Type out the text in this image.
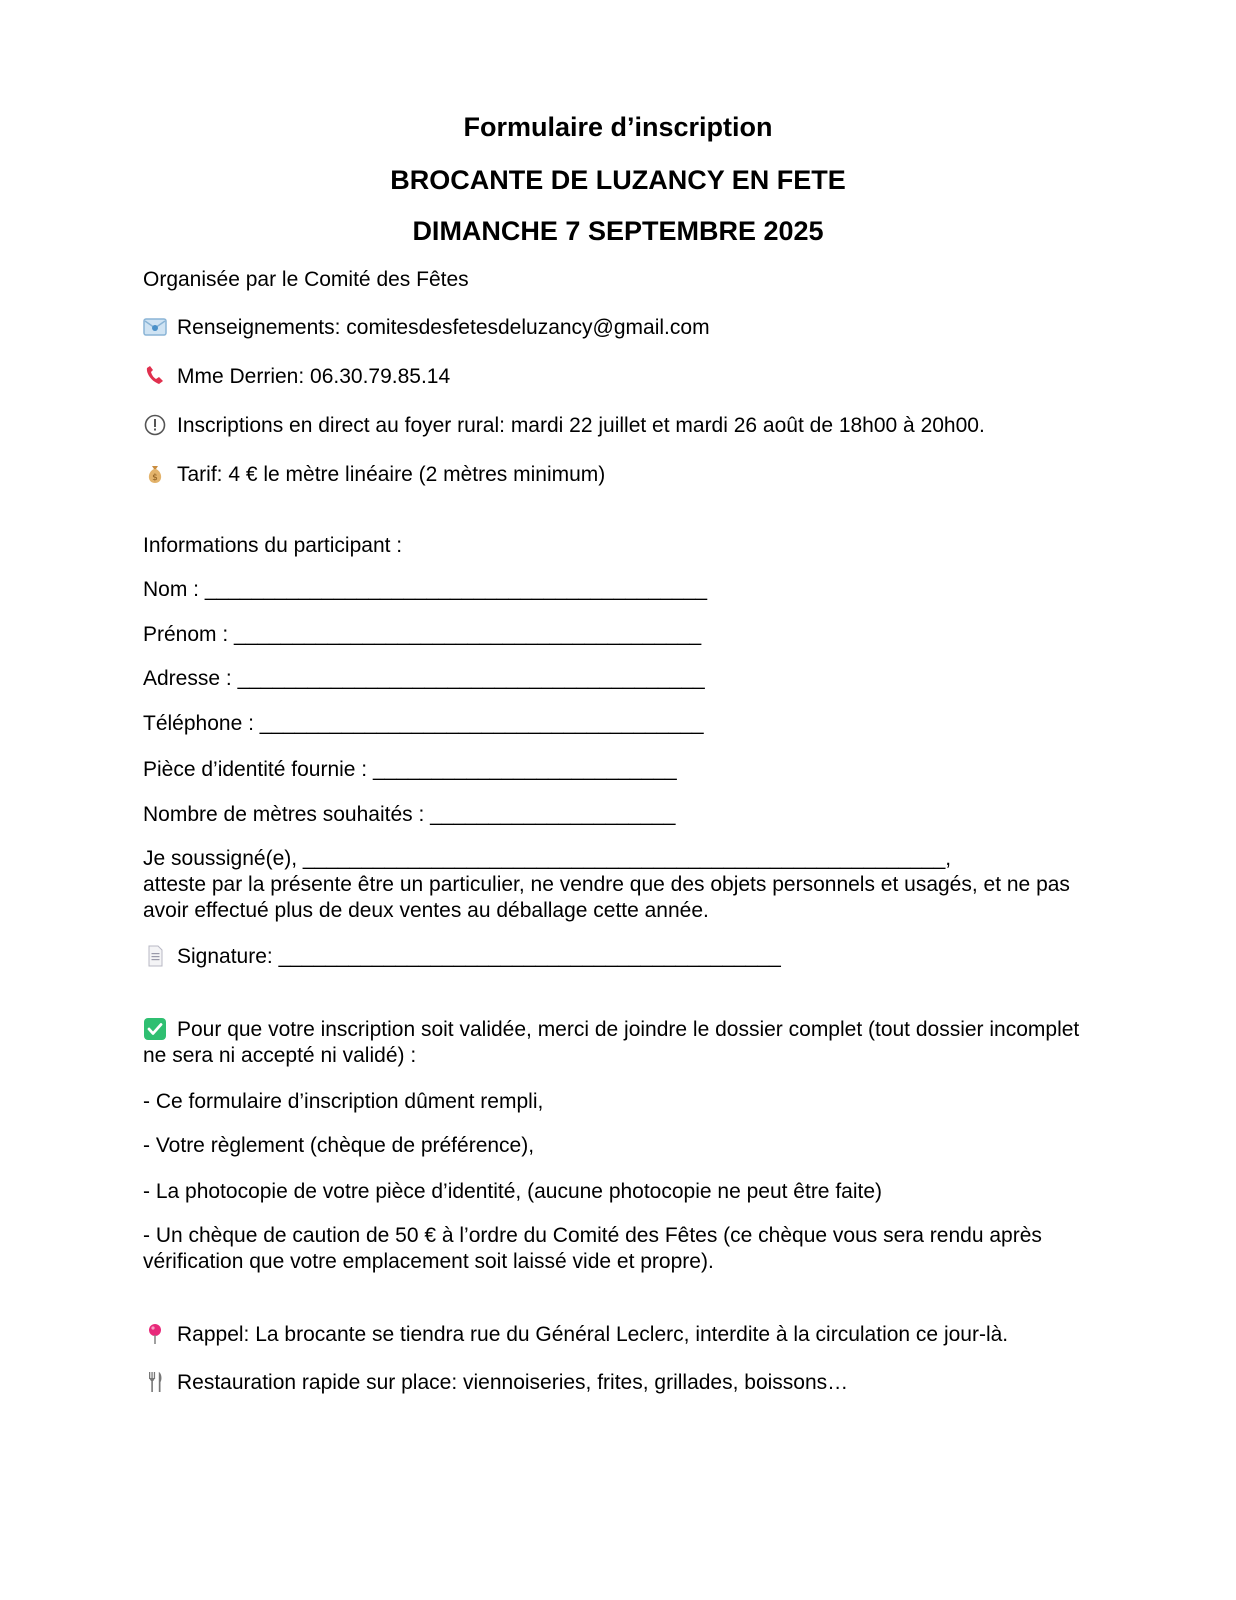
Formulaire d’inscription
BROCANTE DE LUZANCY EN FETE
DIMANCHE 7 SEPTEMBRE 2025
Organisée par le Comité des Fêtes
Renseignements: comitesdesfetesdeluzancy@gmail.com
Mme Derrien: 06.30.79.85.14
Inscriptions en direct au foyer rural: mardi 22 juillet et mardi 26 août de 18h00 à 20h00.
$ Tarif: 4 € le mètre linéaire (2 mètres minimum)
Informations du participant :
Nom : ___________________________________________
Prénom : ________________________________________
Adresse : ________________________________________
Téléphone : ______________________________________
Pièce d’identité fournie : __________________________
Nombre de mètres souhaités : _____________________
Je soussigné(e), _______________________________________________________,
atteste par la présente être un particulier, ne vendre que des objets personnels et usagés, et ne pas avoir effectué plus de deux ventes au déballage cette année.
Signature: ___________________________________________
Pour que votre inscription soit validée, merci de joindre le dossier complet (tout dossier incomplet ne sera ni accepté ni validé) :
- Ce formulaire d’inscription dûment rempli,
- Votre règlement (chèque de préférence),
- La photocopie de votre pièce d’identité, (aucune photocopie ne peut être faite)
- Un chèque de caution de 50 € à l’ordre du Comité des Fêtes (ce chèque vous sera rendu après vérification que votre emplacement soit laissé vide et propre).
Rappel: La brocante se tiendra rue du Général Leclerc, interdite à la circulation ce jour-là.
Restauration rapide sur place: viennoiseries, frites, grillades, boissons…
